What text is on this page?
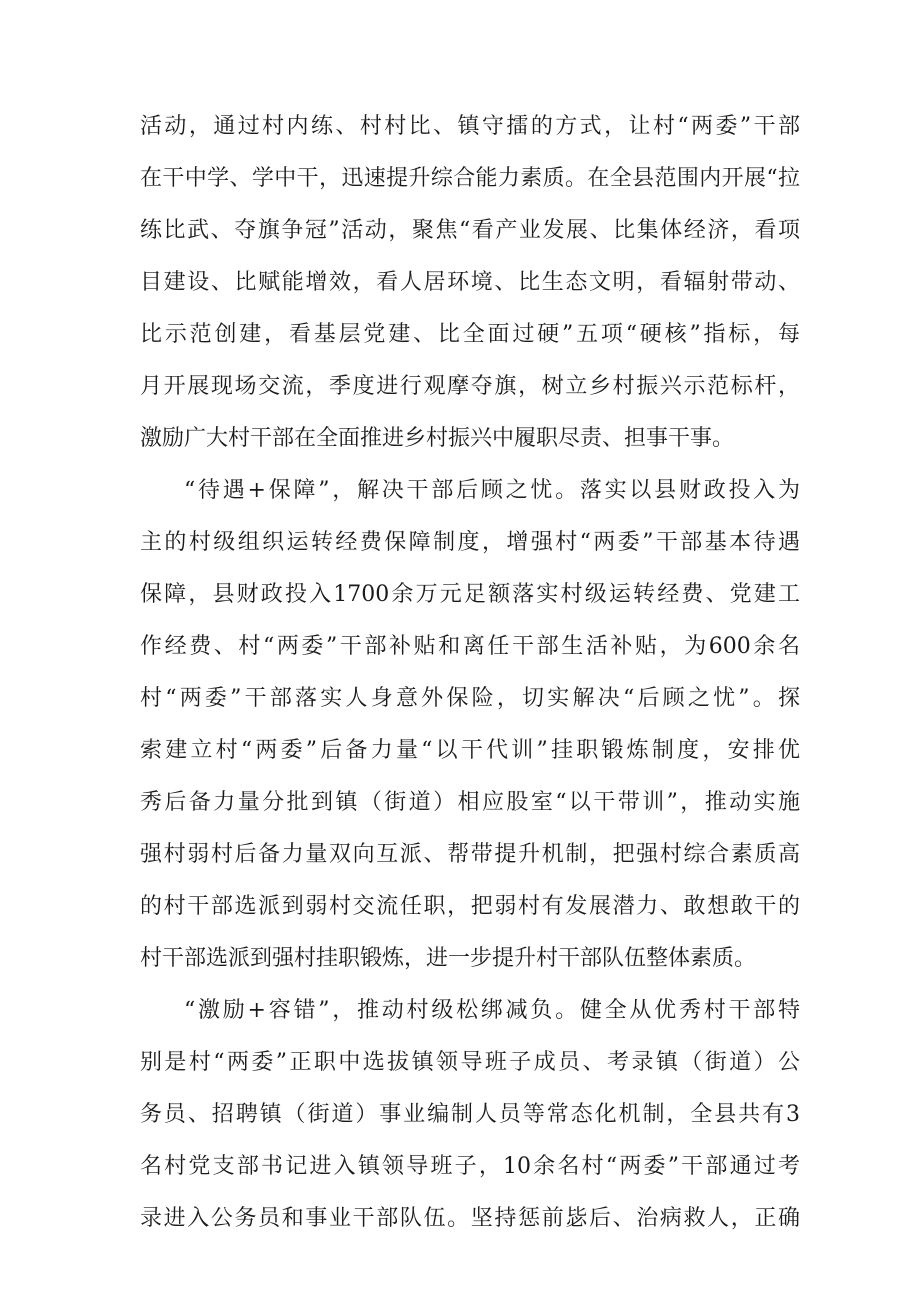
活动，通过村内练、村村比、镇守擂的方式，让村“两委”干部
在干中学、学中干，迅速提升综合能力素质。在全县范围内开展“拉
练比武、夺旗争冠”活动，聚焦“看产业发展、比集体经济，看项
目建设、比赋能增效，看人居环境、比生态文明，看辐射带动、
比示范创建，看基层党建、比全面过硬”五项“硬核”指标，每
月开展现场交流，季度进行观摩夺旗，树立乡村振兴示范标杆，
激励广大村干部在全面推进乡村振兴中履职尽责、担事干事。
“待遇+保障”，解决干部后顾之忧。落实以县财政投入为
主的村级组织运转经费保障制度，增强村“两委”干部基本待遇
保障，县财政投入1700余万元足额落实村级运转经费、党建工
作经费、村“两委”干部补贴和离任干部生活补贴，为600余名
村“两委”干部落实人身意外保险，切实解决“后顾之忧”。探
索建立村“两委”后备力量“以干代训”挂职锻炼制度，安排优
秀后备力量分批到镇（街道）相应股室“以干带训”，推动实施
强村弱村后备力量双向互派、帮带提升机制，把强村综合素质高
的村干部选派到弱村交流任职，把弱村有发展潜力、敢想敢干的
村干部选派到强村挂职锻炼，进一步提升村干部队伍整体素质。
“激励+容错”，推动村级松绑减负。健全从优秀村干部特
别是村“两委”正职中选拔镇领导班子成员、考录镇（街道）公
务员、招聘镇（街道）事业编制人员等常态化机制，全县共有3
名村党支部书记进入镇领导班子，10余名村“两委”干部通过考
录进入公务员和事业干部队伍。坚持惩前毖后、治病救人，正确
